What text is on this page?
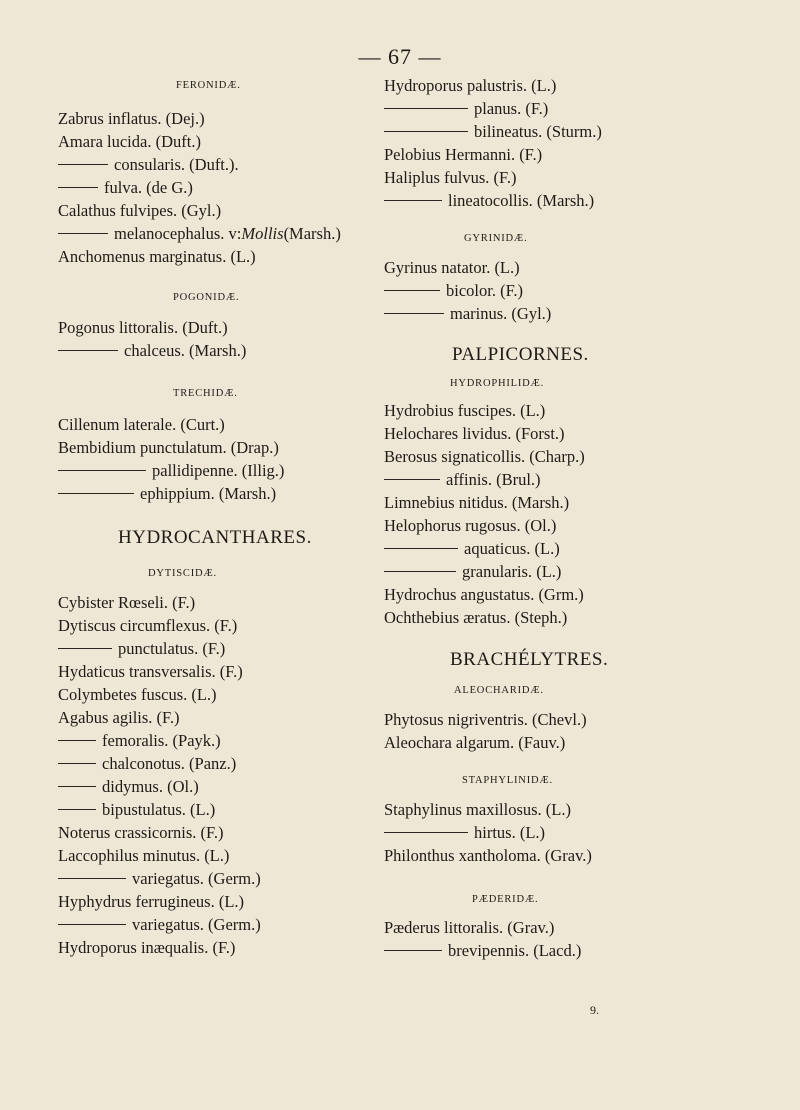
— 67 —
FERONIDÆ.
Zabrus inflatus. (Dej.)
Amara lucida. (Duft.)
consularis. (Duft.).
fulva. (de G.)
Calathus fulvipes. (Gyl.)
melanocephalus. v:Mollis(Marsh.)
Anchomenus marginatus. (L.)
POGONIDÆ.
Pogonus littoralis. (Duft.)
chalceus. (Marsh.)
TRECHIDÆ.
Cillenum laterale. (Curt.)
Bembidium punctulatum. (Drap.)
pallidipenne. (Illig.)
ephippium. (Marsh.)
HYDROCANTHARES.
DYTISCIDÆ.
Cybister Rœseli. (F.)
Dytiscus circumflexus. (F.)
punctulatus. (F.)
Hydaticus transversalis. (F.)
Colymbetes fuscus. (L.)
Agabus agilis. (F.)
femoralis. (Payk.)
chalconotus. (Panz.)
didymus. (Ol.)
bipustulatus. (L.)
Noterus crassicornis. (F.)
Laccophilus minutus. (L.)
variegatus. (Germ.)
Hyphydrus ferrugineus. (L.)
variegatus. (Germ.)
Hydroporus inæqualis. (F.)
Hydroporus palustris. (L.)
planus. (F.)
bilineatus. (Sturm.)
Pelobius Hermanni. (F.)
Haliplus fulvus. (F.)
lineatocollis. (Marsh.)
GYRINIDÆ.
Gyrinus natator. (L.)
bicolor. (F.)
marinus. (Gyl.)
PALPICORNES.
HYDROPHILIDÆ.
Hydrobius fuscipes. (L.)
Helochares lividus. (Forst.)
Berosus signaticollis. (Charp.)
affinis. (Brul.)
Limnebius nitidus. (Marsh.)
Helophorus rugosus. (Ol.)
aquaticus. (L.)
granularis. (L.)
Hydrochus angustatus. (Grm.)
Ochthebius æratus. (Steph.)
BRACHÉLYTRES.
ALEOCHARIDÆ.
Phytosus nigriventris. (Chevl.)
Aleochara algarum. (Fauv.)
STAPHYLINIDÆ.
Staphylinus maxillosus. (L.)
hirtus. (L.)
Philonthus xantholoma. (Grav.)
PÆDERIDÆ.
Pæderus littoralis. (Grav.)
brevipennis. (Lacd.)
9.
